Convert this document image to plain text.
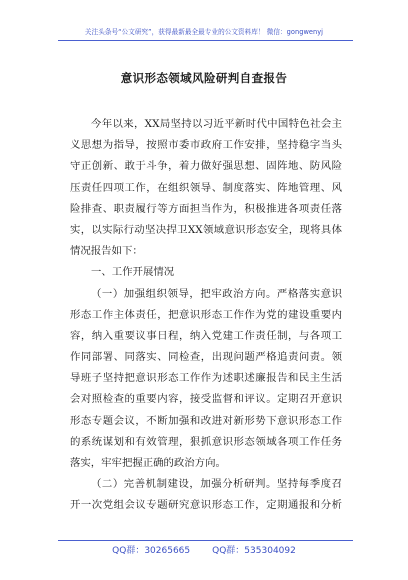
关注头条号“公文研究”，获得最新最全最专业的公文资料库！ 微信：gongwenyj
意识形态领域风险研判自查报告
今年以来，XX局坚持以习近平新时代中国特色社会主
义思想为指导，按照市委市政府工作安排，坚持稳字当头
守正创新、敢于斗争，着力做好强思想、固阵地、防风险
压责任四项工作，在组织领导、制度落实、阵地管理、风
险排查、职责履行等方面担当作为，积极推进各项责任落
实，以实际行动坚决捍卫XX领域意识形态安全，现将具体
情况报告如下：
一、工作开展情况
（一）加强组织领导，把牢政治方向。严格落实意识
形态工作主体责任，把意识形态工作作为党的建设重要内
容，纳入重要议事日程，纳入党建工作责任制，与各项工
作同部署、同落实、同检查，出现问题严格追责问责。领
导班子坚持把意识形态工作作为述职述廉报告和民主生活
会对照检查的重要内容，接受监督和评议。定期召开意识
形态专题会议，不断加强和改进对新形势下意识形态工作
的系统谋划和有效管理，狠抓意识形态领域各项工作任务
落实，牢牢把握正确的政治方向。
（二）完善机制建设，加强分析研判。坚持每季度召
开一次党组会议专题研究意识形态工作，定期通报和分析
QQ群：30265665 QQ群：535304092
